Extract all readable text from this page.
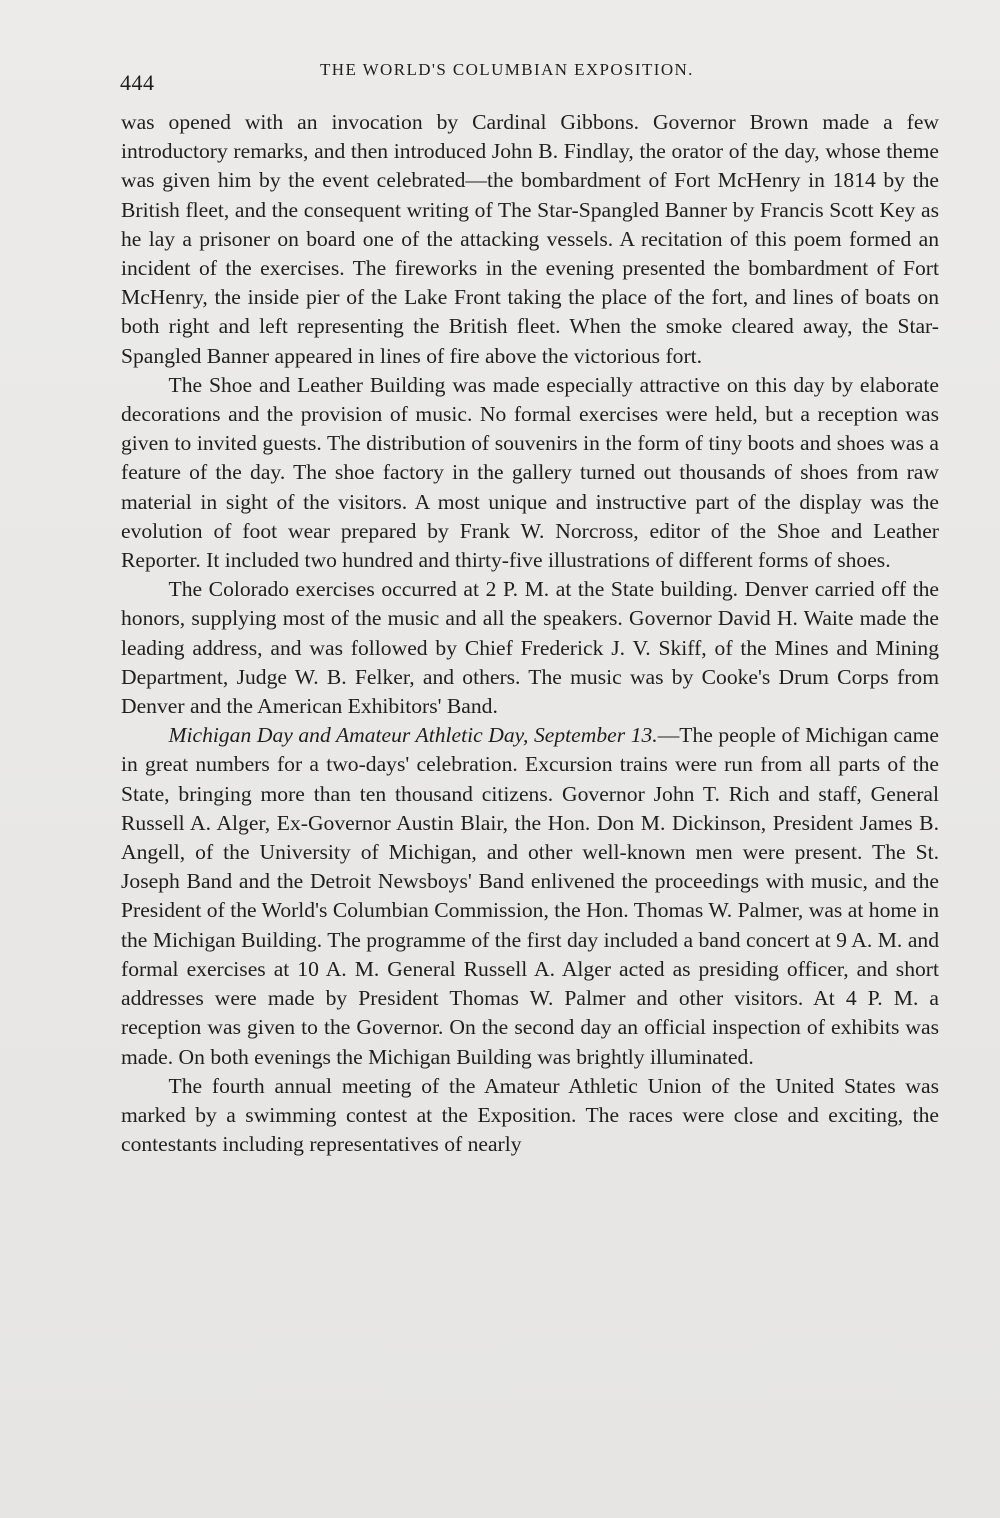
444
THE WORLD'S COLUMBIAN EXPOSITION.

was opened with an invocation by Cardinal Gibbons. Governor Brown made a few introductory remarks, and then introduced John B. Findlay, the orator of the day, whose theme was given him by the event celebrated—the bombardment of Fort McHenry in 1814 by the British fleet, and the consequent writing of The Star-Spangled Banner by Francis Scott Key as he lay a prisoner on board one of the attacking vessels. A recitation of this poem formed an incident of the exercises. The fireworks in the evening presented the bombardment of Fort McHenry, the inside pier of the Lake Front taking the place of the fort, and lines of boats on both right and left representing the British fleet. When the smoke cleared away, the Star-Spangled Banner appeared in lines of fire above the victorious fort.

The Shoe and Leather Building was made especially attractive on this day by elaborate decorations and the provision of music. No formal exercises were held, but a reception was given to invited guests. The distribution of souvenirs in the form of tiny boots and shoes was a feature of the day. The shoe factory in the gallery turned out thousands of shoes from raw material in sight of the visitors. A most unique and instructive part of the display was the evolution of foot wear prepared by Frank W. Norcross, editor of the Shoe and Leather Reporter. It included two hundred and thirty-five illustrations of different forms of shoes.

The Colorado exercises occurred at 2 P. M. at the State building. Denver carried off the honors, supplying most of the music and all the speakers. Governor David H. Waite made the leading address, and was followed by Chief Frederick J. V. Skiff, of the Mines and Mining Department, Judge W. B. Felker, and others. The music was by Cooke's Drum Corps from Denver and the American Exhibitors' Band.

Michigan Day and Amateur Athletic Day, September 13.—The people of Michigan came in great numbers for a two-days' celebration. Excursion trains were run from all parts of the State, bringing more than ten thousand citizens. Governor John T. Rich and staff, General Russell A. Alger, Ex-Governor Austin Blair, the Hon. Don M. Dickinson, President James B. Angell, of the University of Michigan, and other well-known men were present. The St. Joseph Band and the Detroit Newsboys' Band enlivened the proceedings with music, and the President of the World's Columbian Commission, the Hon. Thomas W. Palmer, was at home in the Michigan Building. The programme of the first day included a band concert at 9 A. M. and formal exercises at 10 A. M. General Russell A. Alger acted as presiding officer, and short addresses were made by President Thomas W. Palmer and other visitors. At 4 P. M. a reception was given to the Governor. On the second day an official inspection of exhibits was made. On both evenings the Michigan Building was brightly illuminated.

The fourth annual meeting of the Amateur Athletic Union of the United States was marked by a swimming contest at the Exposition. The races were close and exciting, the contestants including representatives of nearly
